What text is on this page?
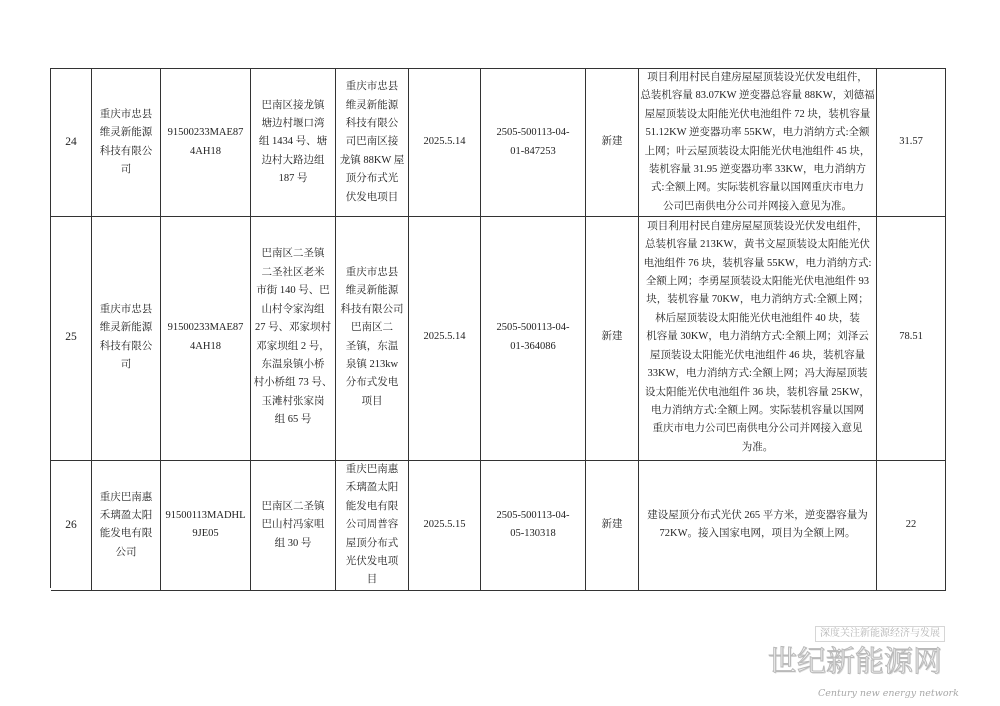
24
重庆市忠县
维灵新能源
科技有限公
司
91500233MAE87
4AH18
巴南区接龙镇
塘边村堰口湾
组 1434 号、塘
边村大路边组
187 号
重庆市忠县
维灵新能源
科技有限公
司巴南区接
龙镇 88KW 屋
顶分布式光
伏发电项目
2025.5.14
2505-500113-04-
01-847253
新建
项目利用村民自建房屋屋顶装设光伏发电组件，
总装机容量 83.07KW 逆变器总容量 88KW，刘德福
屋屋顶装设太阳能光伏电池组件 72 块，装机容量
51.12KW 逆变器功率 55KW，电力消纳方式:全额
上网；叶云屋顶装设太阳能光伏电池组件 45 块，
装机容量 31.95 逆变器功率 33KW，电力消纳方
式:全额上网。实际装机容量以国网重庆市电力
公司巴南供电分公司并网接入意见为准。
31.57
25
重庆市忠县
维灵新能源
科技有限公
司
91500233MAE87
4AH18
巴南区二圣镇
二圣社区老米
市街 140 号、巴
山村令家沟组
27 号、邓家坝村
邓家坝组 2 号，
东温泉镇小桥
村小桥组 73 号、
玉滩村张家岗
组 65 号
重庆市忠县
维灵新能源
科技有限公司
巴南区二
圣镇，东温
泉镇 213kw
分布式发电
项目
2025.5.14
2505-500113-04-
01-364086
新建
项目利用村民自建房屋屋顶装设光伏发电组件，
总装机容量 213KW，黄书文屋顶装设太阳能光伏
电池组件 76 块，装机容量 55KW，电力消纳方式:
全额上网；李勇屋顶装设太阳能光伏电池组件 93
块，装机容量 70KW，电力消纳方式:全额上网；
林后屋顶装设太阳能光伏电池组件 40 块，装
机容量 30KW，电力消纳方式:全额上网；刘泽云
屋顶装设太阳能光伏电池组件 46 块，装机容量
33KW，电力消纳方式:全额上网；冯大海屋顶装
设太阳能光伏电池组件 36 块，装机容量 25KW，
电力消纳方式:全额上网。实际装机容量以国网
重庆市电力公司巴南供电分公司并网接入意见
为准。
78.51
26
重庆巴南惠
禾璃盈太阳
能发电有限
公司
91500113MADHL
9JE05
巴南区二圣镇
巴山村冯家咀
组 30 号
重庆巴南惠
禾璃盈太阳
能发电有限
公司周普容
屋顶分布式
光伏发电项
目
2025.5.15
2505-500113-04-
05-130318
新建
建设屋顶分布式光伏 265 平方米，逆变器容量为
72KW。接入国家电网，项目为全额上网。
22
深度关注新能源经济与发展
世纪新能源网
Century new energy network
